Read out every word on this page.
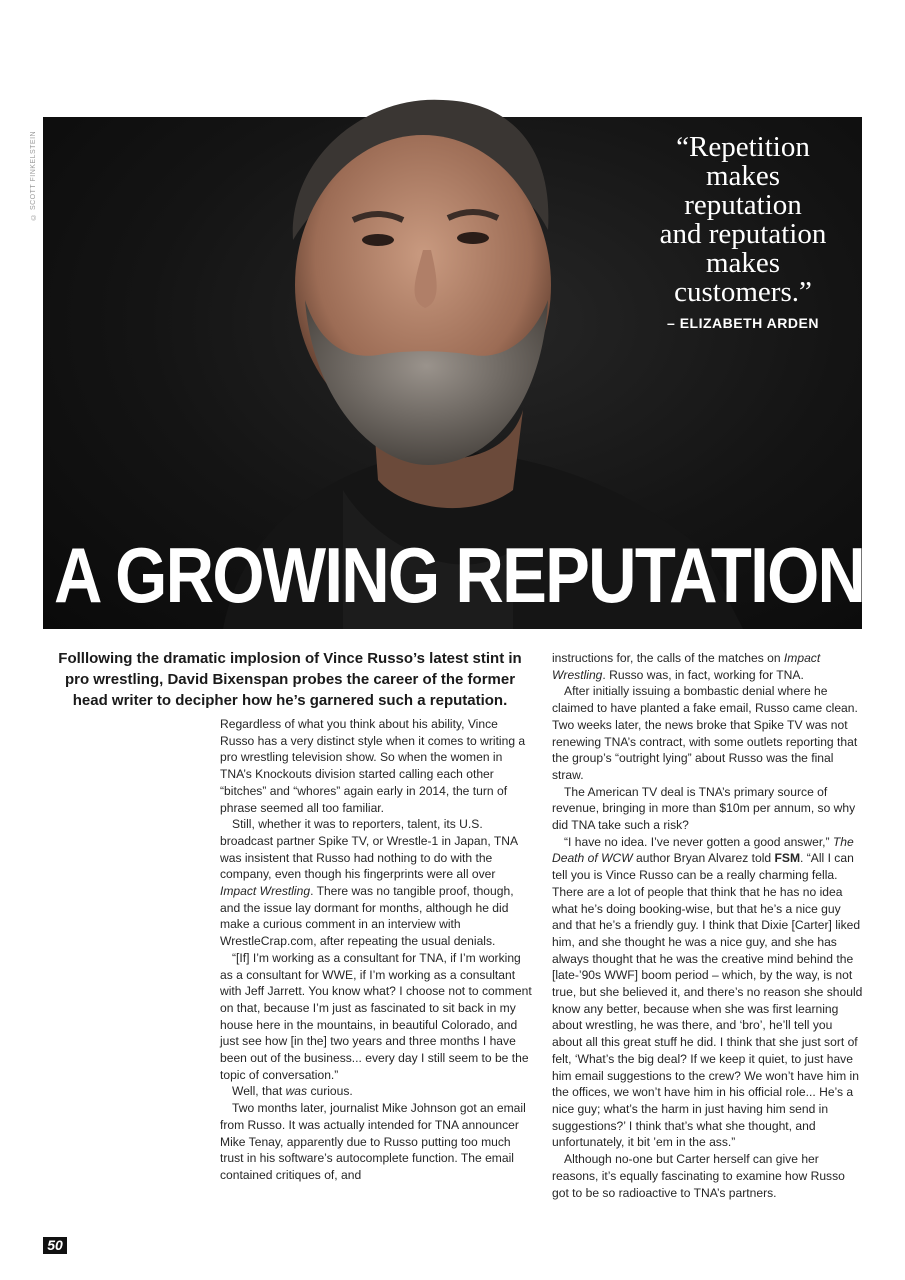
© SCOTT FINKELSTEIN	“Repetition
makes
reputation
and reputation
makes
customers.”
– ELIZABETH ARDEN
A GROWING REPUTATION
Folllowing the dramatic implosion of Vince Russo’s latest stint in pro wrestling, David Bixenspan probes the career of the former head writer to decipher how he’s garnered such a reputation.

Regardless of what you think about his ability, Vince Russo has a very distinct style when it comes to writing a pro wrestling television show. So when the women in TNA’s Knockouts division started calling each other “bitches” and “whores” again early in 2014, the turn of phrase seemed all too familiar.

Still, whether it was to reporters, talent, its U.S. broadcast partner Spike TV, or Wrestle-1 in Japan, TNA was insistent that Russo had nothing to do with the company, even though his fingerprints were all over Impact Wrestling. There was no tangible proof, though, and the issue lay dormant for months, although he did make a curious comment in an interview with WrestleCrap.com, after repeating the usual denials.

“[If] I’m working as a consultant for TNA, if I’m working as a consultant for WWE, if I’m working as a consultant with Jeff Jarrett. You know what? I choose not to comment on that, because I’m just as fascinated to sit back in my house here in the mountains, in beautiful Colorado, and just see how [in the] two years and three months I have been out of the business... every day I still seem to be the topic of conversation.”

Well, that was curious.

Two months later, journalist Mike Johnson got an email from Russo. It was actually intended for TNA announcer Mike Tenay, apparently due to Russo putting too much trust in his software’s autocomplete function. The email contained critiques of, and

instructions for, the calls of the matches on Impact Wrestling. Russo was, in fact, working for TNA.

After initially issuing a bombastic denial where he claimed to have planted a fake email, Russo came clean. Two weeks later, the news broke that Spike TV was not renewing TNA’s contract, with some outlets reporting that the group’s “outright lying” about Russo was the final straw.

The American TV deal is TNA’s primary source of revenue, bringing in more than $10m per annum, so why did TNA take such a risk?

“I have no idea. I’ve never gotten a good answer,” The Death of WCW author Bryan Alvarez told FSM. “All I can tell you is Vince Russo can be a really charming fella. There are a lot of people that think that he has no idea what he’s doing booking-wise, but that he’s a nice guy and that he’s a friendly guy. I think that Dixie [Carter] liked him, and she thought he was a nice guy, and she has always thought that he was the creative mind behind the [late-’90s WWF] boom period – which, by the way, is not true, but she believed it, and there’s no reason she should know any better, because when she was first learning about wrestling, he was there, and ‘bro’, he’ll tell you about all this great stuff he did. I think that she just sort of felt, ‘What’s the big deal? If we keep it quiet, to just have him email suggestions to the crew? We won’t have him in the offices, we won’t have him in his official role... He’s a nice guy; what’s the harm in just having him send in suggestions?’ I think that’s what she thought, and unfortunately, it bit ’em in the ass.”

Although no-one but Carter herself can give her reasons, it’s equally fascinating to examine how Russo got to be so radioactive to TNA’s partners.

50
